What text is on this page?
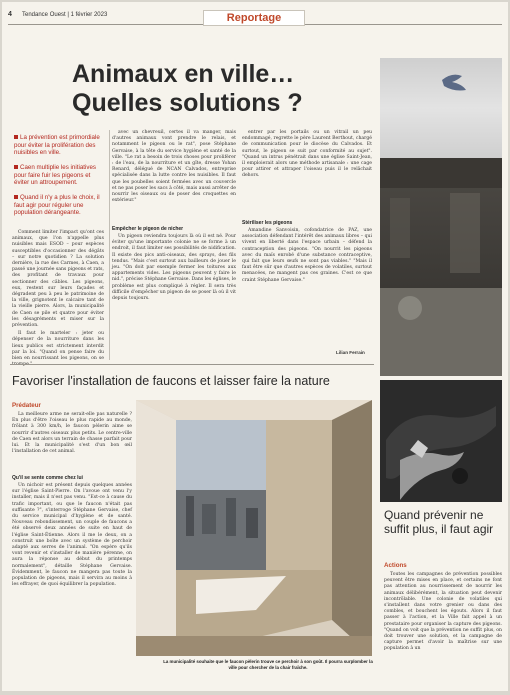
4 Tendance Ouest | 1 février 2023	Reportage
Animaux en ville…
Quelles solutions ?
La prévention est primordiale pour éviter la prolifération des nuisibles en ville.
Caen multiplie les initiatives pour faire fuir les pigeons et éviter un attroupement.
Quand il n'y a plus le choix, il faut agir pour réguler une population dérangeante.

Comment limiter l'impact qu'ont ces animaux, que l'on n'appelle plus nuisibles mais ESOD – pour espèces susceptibles d'occasionner des dégâts – sur notre quotidien ? La solution dernière, la rue des Carmes, à Caen, a passé une journée sans pigeons et rats, des profitant de travaux pour sectionner des câbles. Les pigeons, eux, restent sur leurs façades et dégradent peu à peu le patrimoine de la ville, grignotent le calcaire tant de la vieille pierre. Alors, la municipalité de Caen se pile et quatre pour éviter les désagréments et miser sur la prévention.

Il faut le marteler : jeter ou dépenser de la nourriture dans les lieux publics est strictement interdit par la loi. "Quand on pense faire du bien en nourrissant les pigeons, on se

avec un chevreuil, certes il va manger, mais d'autres animaux vont prendre le relais, et notamment le pigeon ou le rat", pose Stéphane Gervaise, à la tête du service hygiène et santé de la ville. "Le rat a besoin de trois choses pour proliférer : de l'eau, de la nourriture et un gîte, dresse Yohan Renard, délégué de NCAN Calvados, entreprise spécialisée dans la lutte contre les nuisibles. Il faut que les poubelles soient fermées avec un couvercle et ne pas poser les sacs à côté, mais aussi arrêter de nourrir les oiseaux ou de poser des croquettes en extérieur."

Empêcher le pigeon de nicher

Un pigeon reviendra toujours là où il est né. Pour éviter qu'une importante colonie ne se forme à un endroit, il faut limiter ses possibilités de nidification. Il existe des pics anti-oiseaux, des sprays, des fils tendus. "Mais c'est surtout aux bailleurs de jouer le jeu. "On doit par exemple fermer les toitures aux appartements vides. Les pigeons peuvent y faire le nid.", précise Stéphane Gervaise. Dans les églises, le problème est plus compliqué à régler. Il sera très difficile d'empêcher un pigeon de se poser là où il vit depuis toujours.

entrer par les portails ou un vitrail un peu endommagé, regrette le père Laurent Berthout, chargé de communication pour le diocèse du Calvados. Et surtout, le pigeon se suit par conformité au sujet". "Quand un intrus pénétrait dans une église Saint-Jean, il emploierait alors une méthode artisanale : une cage pour attirer et attraper l'oiseau puis il le relâchait dehors.

Stériliser les pigeons

Amandine Sanvoisin, cofondatrice de PAZ, une association défendant l'intérêt des animaux libres – qui vivent en liberté dans l'espace urbain – défend la contraception des pigeons. "On nourrit les pigeons avec du maïs enrobé d'une substance contraceptive, qui fait que leurs œufs ne sont pas viables." "Mais il faut être sûr que d'autres espèces de volatiles, surtout menacées, ne mangent pas ces graines. C'est ce que craint Stéphane Gervaise."

Lilian Ferrain
Favoriser l'installation de faucons et laisser faire la nature
Prédateur

La meilleure arme ne serait-elle pas naturelle ? En plus d'être l'oiseau le plus rapide au monde, frôlant à 300 km/h, le faucon pèlerin aime se nourrir d'autres oiseaux plus petits. Le centre-ville de Caen est alors un terrain de chasse parfait pour lui. Et la municipalité s'est d'un bon œil l'installation de cet animal.

Qu'il se sente comme chez lui

Un nichoir est présent depuis quelques années sur l'église Saint-Pierre. On l'avoue ont venu l'y installer, mais il n'est pas venu. "Est-ce à cause du trafic important, ou que le faucon n'était pas suffisante ?", s'interroge Stéphane Gervaise, chef du service municipal d'hygiène et de santé. Nouveau rebondissement, un couple de faucons a été observé deux années de suite en haut de l'église Saint-Étienne. Alors il me le deux, on a construit une boîte avec un système de perchoir adapté aux serres de l'animal. "On espère qu'ils vont revenir et s'installer de manière pérenne, on aura la réponse au début du printemps normalement", détaille Stéphane Gervaise. Évidemment, le faucon ne mangera pas toute la population de pigeons, mais il servira au moins à les effrayer, de quoi équilibrer la population.

La municipalité souhaite que le faucon pèlerin trouve ce perchoir à son goût. Il pourra surplomber la ville pour chercher de la chair fraîche.
Quand prévenir ne suffit plus, il faut agir
Actions

Toutes les campagnes de prévention possibles peuvent être mises en place, et certains ne font pas attention au nourrissement de nourrir les animaux délibérément, la situation peut devenir incontrôlable. Une colonie de volatiles qui s'installent dans votre grenier ou dans des combles, et bouchent les égouts. Alors il faut passer à l'action, et la Ville fait appel à un prestataire pour organiser la capture des pigeons. "Quand on voit que la prévention ne suffit plus, on doit trouver une solution, et la campagne de capture permet d'avoir la maîtrise sur une population à un
